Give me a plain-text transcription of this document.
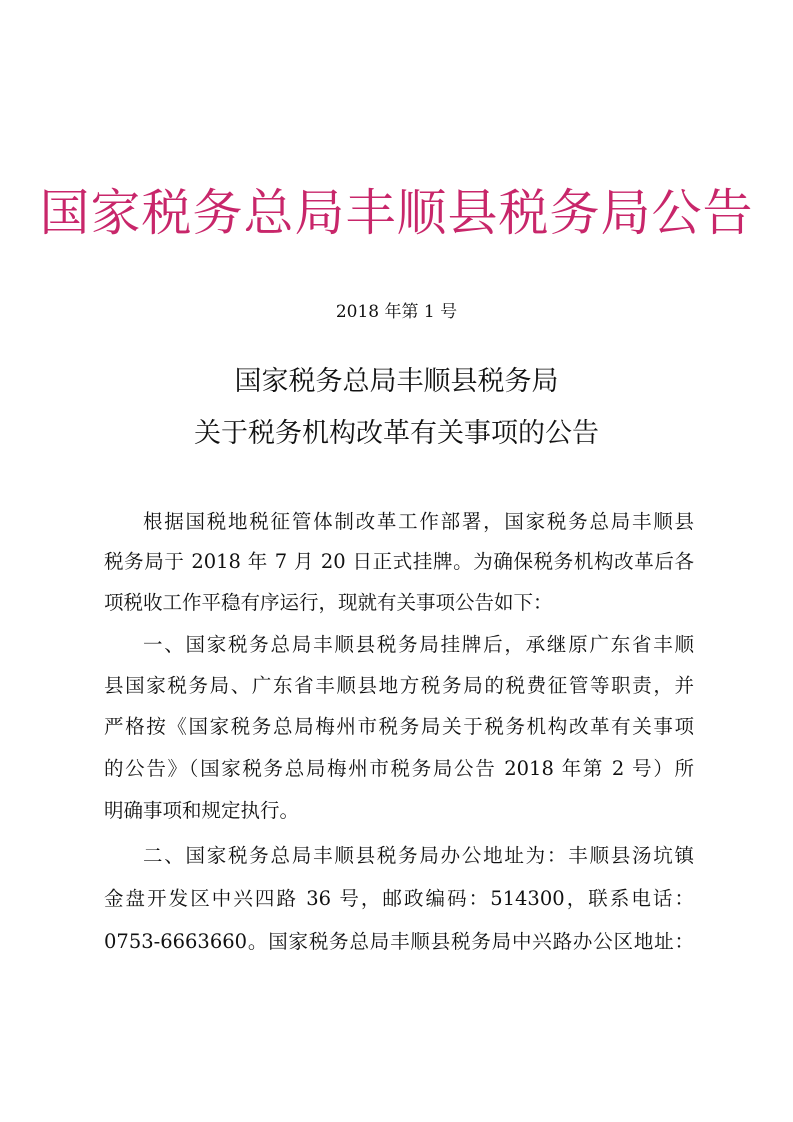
国家税务总局丰顺县税务局公告
2018 年第 1 号
国家税务总局丰顺县税务局
关于税务机构改革有关事项的公告
根据国税地税征管体制改革工作部署，国家税务总局丰顺县
税务局于 2018 年 7 月 20 日正式挂牌。为确保税务机构改革后各
项税收工作平稳有序运行，现就有关事项公告如下：
一、国家税务总局丰顺县税务局挂牌后，承继原广东省丰顺
县国家税务局、广东省丰顺县地方税务局的税费征管等职责，并
严格按《国家税务总局梅州市税务局关于税务机构改革有关事项
的公告》（国家税务总局梅州市税务局公告 2018 年第 2 号）所
明确事项和规定执行。
二、国家税务总局丰顺县税务局办公地址为：丰顺县汤坑镇
金盘开发区中兴四路 36 号，邮政编码：514300，联系电话：
0753-6663660。国家税务总局丰顺县税务局中兴路办公区地址：
